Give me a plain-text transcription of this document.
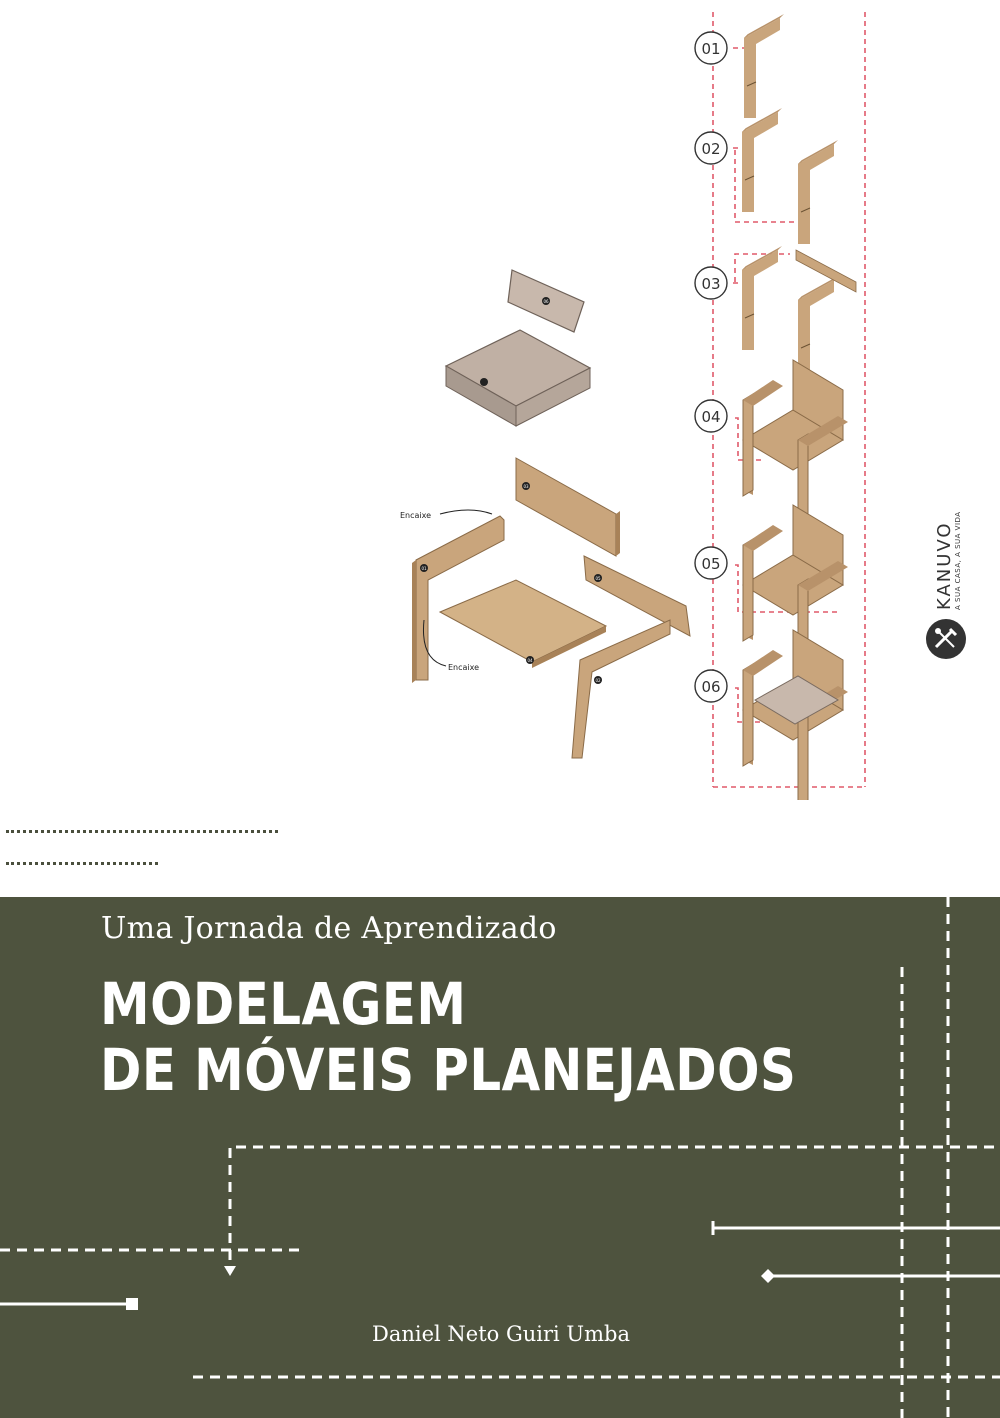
01
02
03
04
05
06
Encaixe
Encaixe
01
02
03
04
05
06
KANUVO A SUA CASA, A SUA VIDA

Uma Jornada de Aprendizado

MODELAGEM
DE MÓVEIS PLANEJADOS

Daniel Neto Guiri Umba
